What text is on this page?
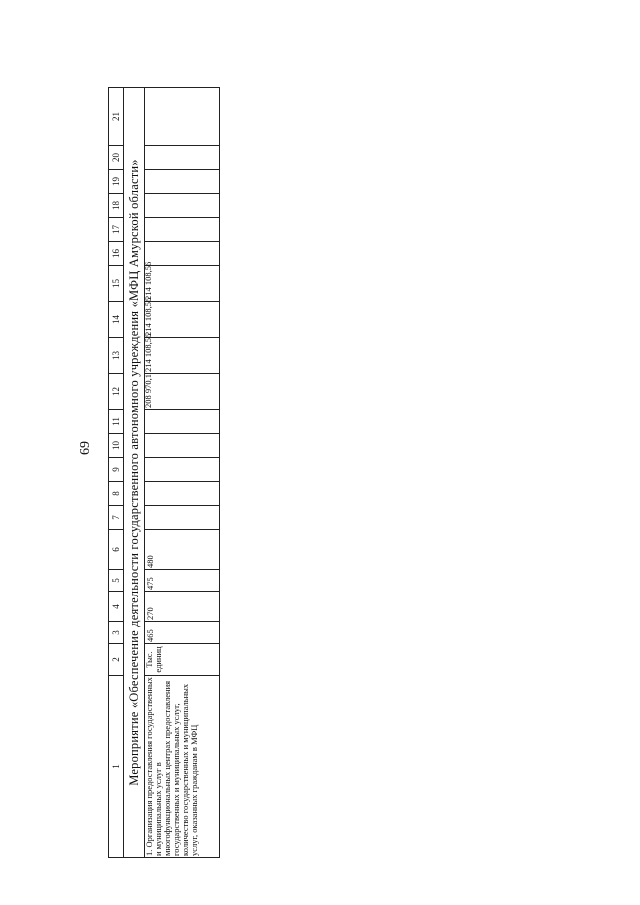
69
1	2	3	4	5	6	7	8	9	10	11	12	13	14	15	16	17	18	19	20	21
Мероприятие «Обеспечение деятельности государственного автономного учреждения «МФЦ Амурской области»																				
1. Организация предоставления государственных и муниципальных услуг в многофункциональных центрах предоставления государственных и муниципальных услуг, количество государственных и муниципальных услуг, оказанных гражданам в МФЦ	Тыс. единиц	465	270	475	480						208 970,1	214 108,56	214 108,56	214 108,56						
